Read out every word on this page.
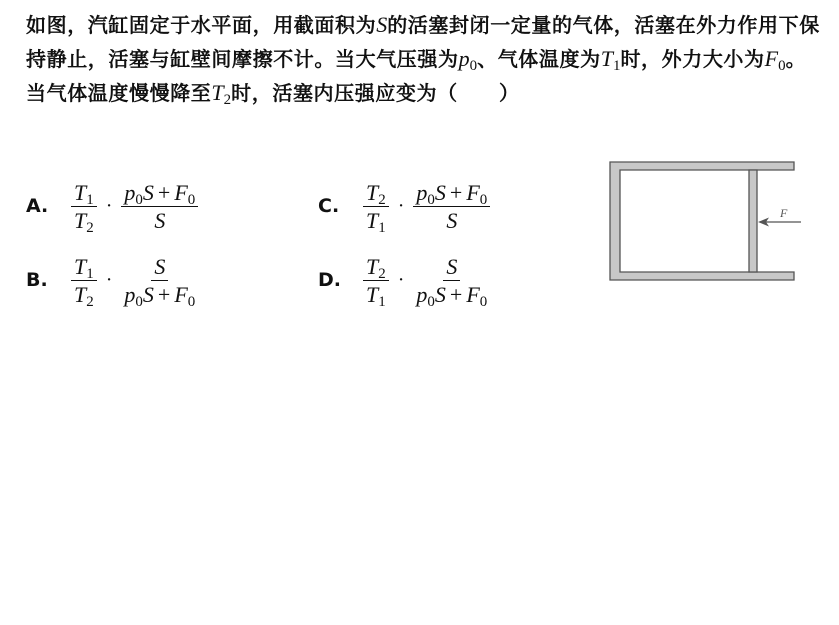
如图，汽缸固定于水平面，用截面积为S的活塞封闭一定量的气体，活塞在外力作用下保持静止，活塞与缸壁间摩擦不计。当大气压强为$p_0$、气体温度为$T_1$时，外力大小为$F_0$。当气体温度慢慢降至$T_2$时，活塞内压强应变为（　　）
A.	$\frac{T_1}{T_2} \cdot \frac{p_0S + F_0}{S}$
B.	$\frac{T_1}{T_2} \cdot \frac{S}{p_0S + F_0}$
C.	$\frac{T_2}{T_1} \cdot \frac{p_0S + F_0}{S}$
D.	$\frac{T_2}{T_1} \cdot \frac{S}{p_0S + F_0}$
F
